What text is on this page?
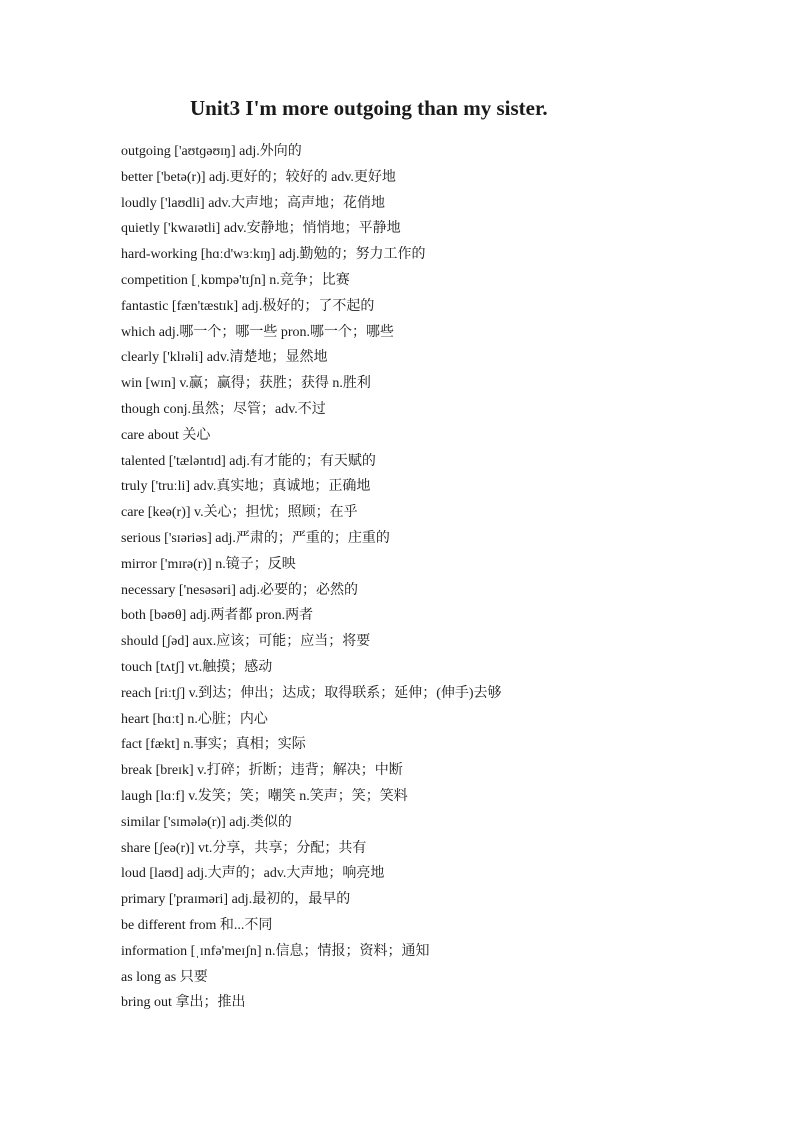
Unit3 I'm more outgoing than my sister.
outgoing ['aʊtɡəʊɪŋ] adj.外向的
better ['betə(r)] adj.更好的；较好的 adv.更好地
loudly ['laʊdli] adv.大声地；高声地；花俏地
quietly ['kwaɪətli] adv.安静地；悄悄地；平静地
hard-working [hɑːd'wɜːkɪŋ] adj.勤勉的；努力工作的
competition [ˌkɒmpə'tɪʃn] n.竞争；比赛
fantastic [fæn'tæstɪk] adj.极好的；了不起的
which adj.哪一个；哪一些 pron.哪一个；哪些
clearly ['klɪəli] adv.清楚地；显然地
win [wɪn] v.赢；赢得；获胜；获得 n.胜利
though conj.虽然；尽管；adv.不过
care about 关心
talented ['tæləntɪd] adj.有才能的；有天赋的
truly ['truːli] adv.真实地；真诚地；正确地
care [keə(r)] v.关心；担忧；照顾；在乎
serious ['sɪəriəs] adj.严肃的；严重的；庄重的
mirror ['mɪrə(r)] n.镜子；反映
necessary ['nesəsəri] adj.必要的；必然的
both [bəʊθ] adj.两者都 pron.两者
should [ʃəd] aux.应该；可能；应当；将要
touch [tʌtʃ] vt.触摸；感动
reach [riːtʃ] v.到达；伸出；达成；取得联系；延伸；(伸手)去够
heart [hɑːt] n.心脏；内心
fact [fækt] n.事实；真相；实际
break [breɪk] v.打碎；折断；违背；解决；中断
laugh [lɑːf] v.发笑；笑；嘲笑 n.笑声；笑；笑料
similar ['sɪmələ(r)] adj.类似的
share [ʃeə(r)] vt.分享，共享；分配；共有
loud [laʊd] adj.大声的；adv.大声地；响亮地
primary ['praɪməri] adj.最初的，最早的
be different from 和...不同
information [ˌɪnfə'meɪʃn] n.信息；情报；资料；通知
as long as 只要
bring out 拿出；推出
